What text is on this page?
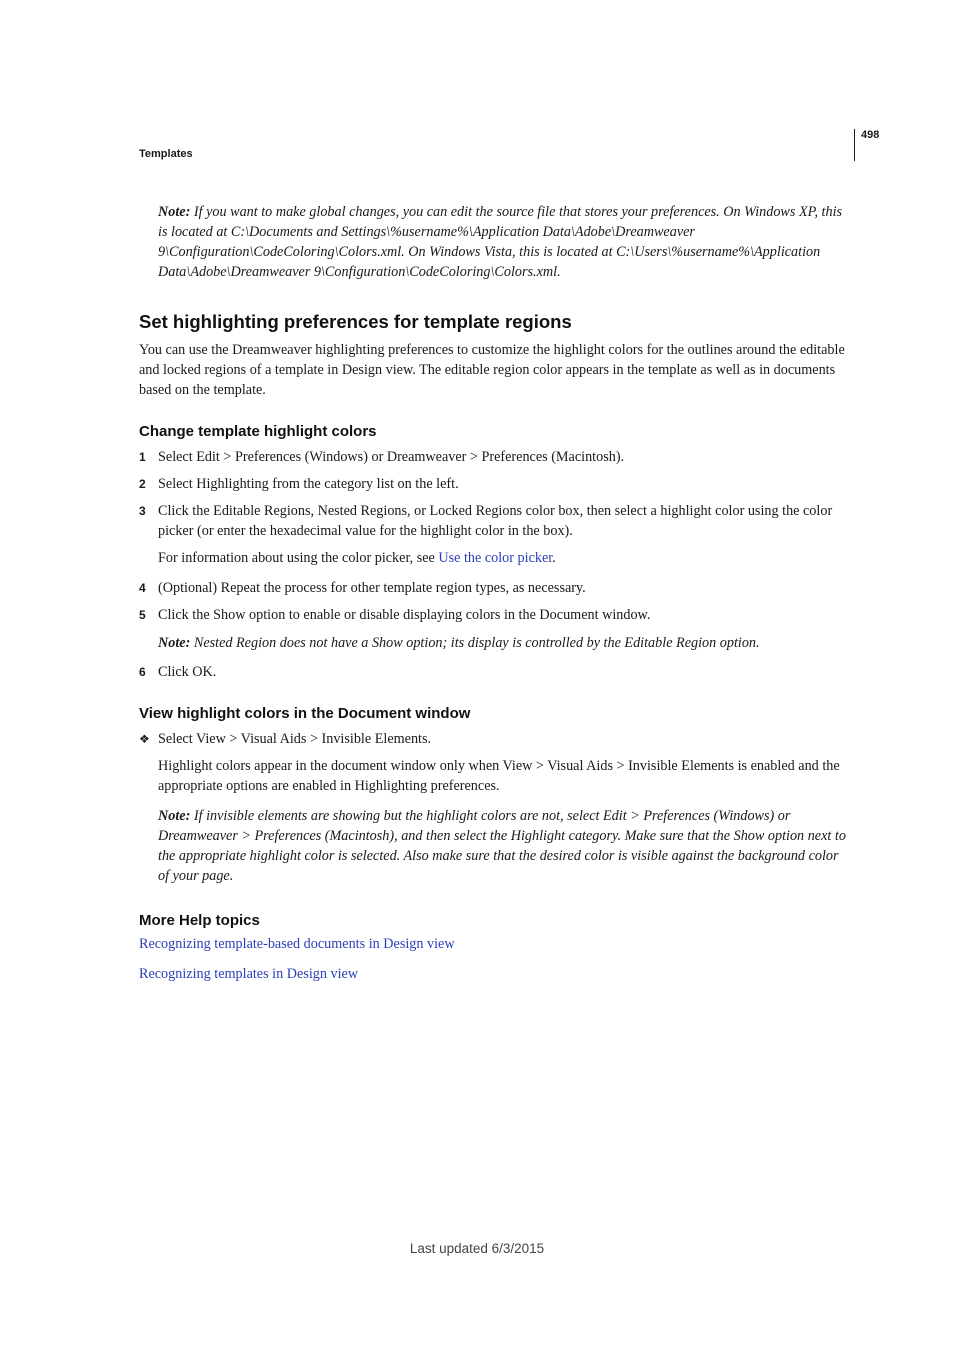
498
Templates
Note: If you want to make global changes, you can edit the source file that stores your preferences. On Windows XP, this is located at C:\Documents and Settings\%username%\Application Data\Adobe\Dreamweaver 9\Configuration\CodeColoring\Colors.xml. On Windows Vista, this is located at C:\Users\%username%\Application Data\Adobe\Dreamweaver 9\Configuration\CodeColoring\Colors.xml.
Set highlighting preferences for template regions
You can use the Dreamweaver highlighting preferences to customize the highlight colors for the outlines around the editable and locked regions of a template in Design view. The editable region color appears in the template as well as in documents based on the template.
Change template highlight colors
1 Select Edit > Preferences (Windows) or Dreamweaver > Preferences (Macintosh).
2 Select Highlighting from the category list on the left.
3 Click the Editable Regions, Nested Regions, or Locked Regions color box, then select a highlight color using the color picker (or enter the hexadecimal value for the highlight color in the box).
For information about using the color picker, see Use the color picker.
4 (Optional) Repeat the process for other template region types, as necessary.
5 Click the Show option to enable or disable displaying colors in the Document window.
Note: Nested Region does not have a Show option; its display is controlled by the Editable Region option.
6 Click OK.
View highlight colors in the Document window
❖ Select View > Visual Aids > Invisible Elements.
Highlight colors appear in the document window only when View > Visual Aids > Invisible Elements is enabled and the appropriate options are enabled in Highlighting preferences.
Note: If invisible elements are showing but the highlight colors are not, select Edit > Preferences (Windows) or Dreamweaver > Preferences (Macintosh), and then select the Highlight category. Make sure that the Show option next to the appropriate highlight color is selected. Also make sure that the desired color is visible against the background color of your page.
More Help topics
Recognizing template-based documents in Design view
Recognizing templates in Design view
Last updated 6/3/2015
